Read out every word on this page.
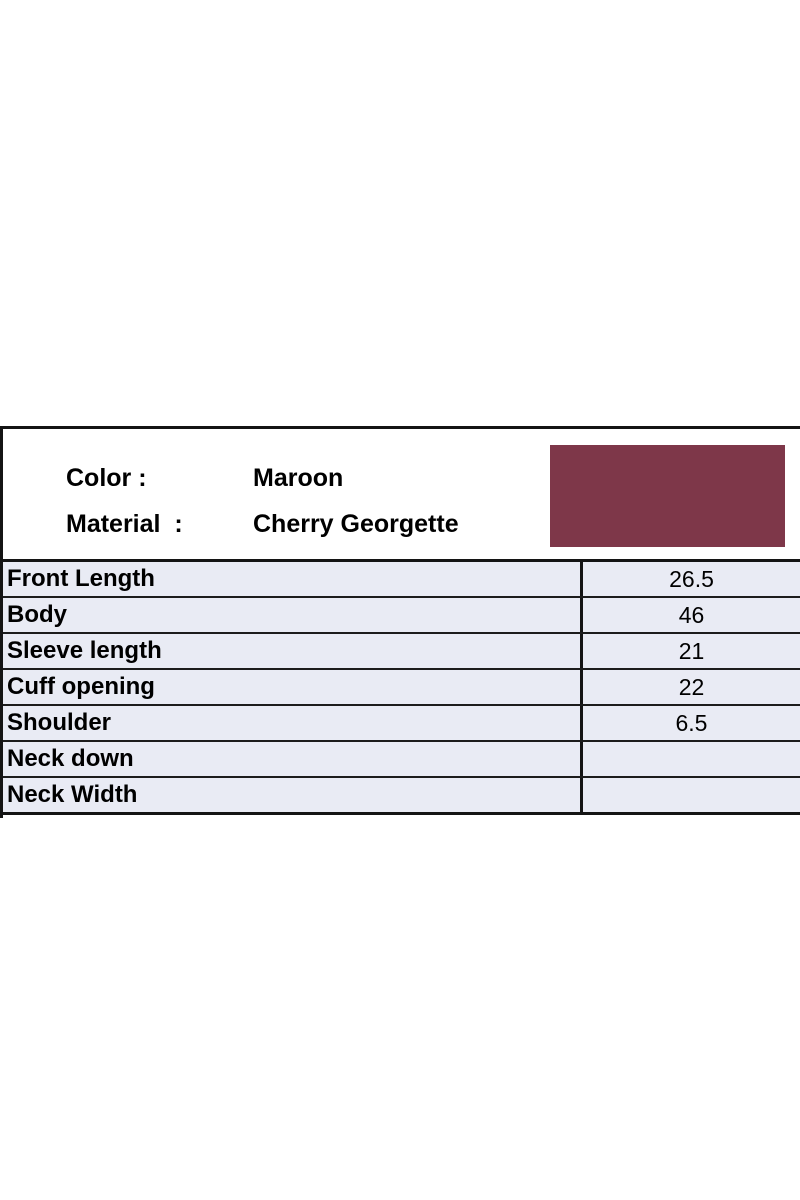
Color :	Maroon
Material  :	Cherry Georgette
Front Length	26.5
Body	46
Sleeve length	21
Cuff opening	22
Shoulder	6.5
Neck down
Neck Width
